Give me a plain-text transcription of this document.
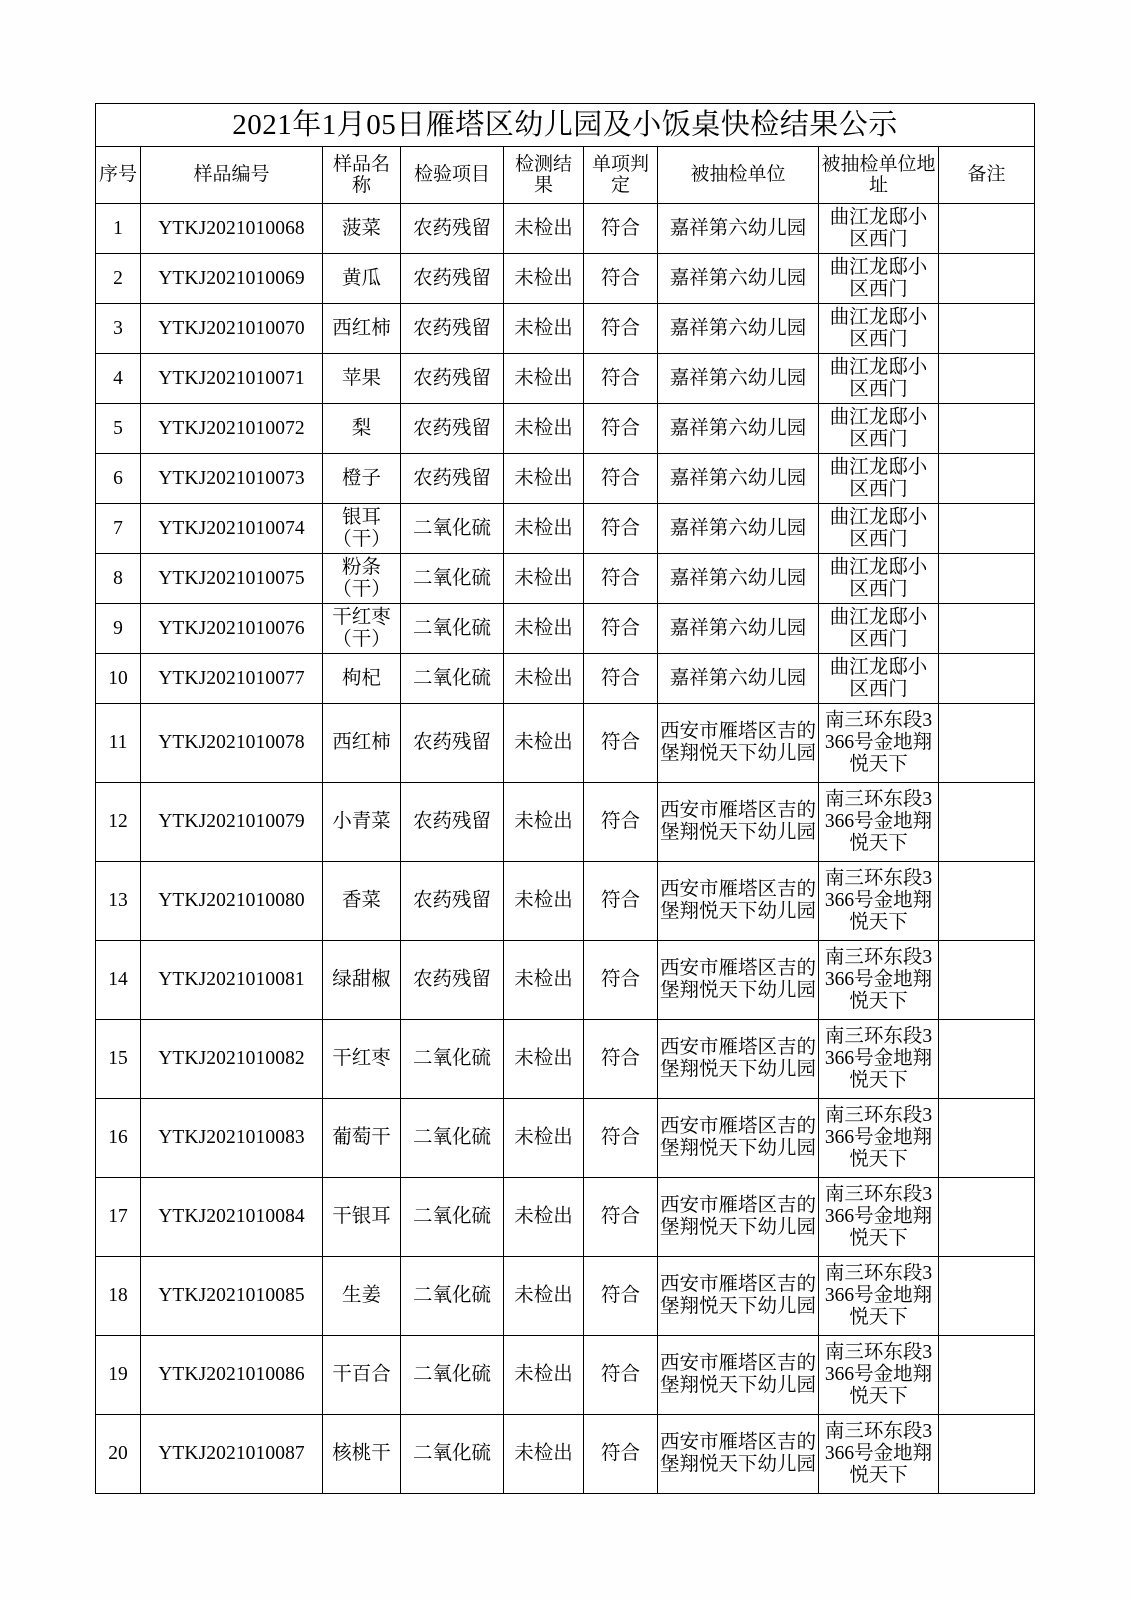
2021年1月05日雁塔区幼儿园及小饭桌快检结果公示								
序号	样品编号	样品名称	检验项目	检测结果	单项判定	被抽检单位	被抽检单位地址	备注
1	YTKJ2021010068	菠菜	农药残留	未检出	符合	嘉祥第六幼儿园	曲江龙邸小区西门	
2	YTKJ2021010069	黄瓜	农药残留	未检出	符合	嘉祥第六幼儿园	曲江龙邸小区西门	
3	YTKJ2021010070	西红柿	农药残留	未检出	符合	嘉祥第六幼儿园	曲江龙邸小区西门	
4	YTKJ2021010071	苹果	农药残留	未检出	符合	嘉祥第六幼儿园	曲江龙邸小区西门	
5	YTKJ2021010072	梨	农药残留	未检出	符合	嘉祥第六幼儿园	曲江龙邸小区西门	
6	YTKJ2021010073	橙子	农药残留	未检出	符合	嘉祥第六幼儿园	曲江龙邸小区西门	
7	YTKJ2021010074	银耳（干）	二氧化硫	未检出	符合	嘉祥第六幼儿园	曲江龙邸小区西门	
8	YTKJ2021010075	粉条（干）	二氧化硫	未检出	符合	嘉祥第六幼儿园	曲江龙邸小区西门	
9	YTKJ2021010076	干红枣（干）	二氧化硫	未检出	符合	嘉祥第六幼儿园	曲江龙邸小区西门	
10	YTKJ2021010077	枸杞	二氧化硫	未检出	符合	嘉祥第六幼儿园	曲江龙邸小区西门	
11	YTKJ2021010078	西红柿	农药残留	未检出	符合	西安市雁塔区吉的堡翔悦天下幼儿园	南三环东段3366号金地翔悦天下	
12	YTKJ2021010079	小青菜	农药残留	未检出	符合	西安市雁塔区吉的堡翔悦天下幼儿园	南三环东段3366号金地翔悦天下	
13	YTKJ2021010080	香菜	农药残留	未检出	符合	西安市雁塔区吉的堡翔悦天下幼儿园	南三环东段3366号金地翔悦天下	
14	YTKJ2021010081	绿甜椒	农药残留	未检出	符合	西安市雁塔区吉的堡翔悦天下幼儿园	南三环东段3366号金地翔悦天下	
15	YTKJ2021010082	干红枣	二氧化硫	未检出	符合	西安市雁塔区吉的堡翔悦天下幼儿园	南三环东段3366号金地翔悦天下	
16	YTKJ2021010083	葡萄干	二氧化硫	未检出	符合	西安市雁塔区吉的堡翔悦天下幼儿园	南三环东段3366号金地翔悦天下	
17	YTKJ2021010084	干银耳	二氧化硫	未检出	符合	西安市雁塔区吉的堡翔悦天下幼儿园	南三环东段3366号金地翔悦天下	
18	YTKJ2021010085	生姜	二氧化硫	未检出	符合	西安市雁塔区吉的堡翔悦天下幼儿园	南三环东段3366号金地翔悦天下	
19	YTKJ2021010086	干百合	二氧化硫	未检出	符合	西安市雁塔区吉的堡翔悦天下幼儿园	南三环东段3366号金地翔悦天下	
20	YTKJ2021010087	核桃干	二氧化硫	未检出	符合	西安市雁塔区吉的堡翔悦天下幼儿园	南三环东段3366号金地翔悦天下	
